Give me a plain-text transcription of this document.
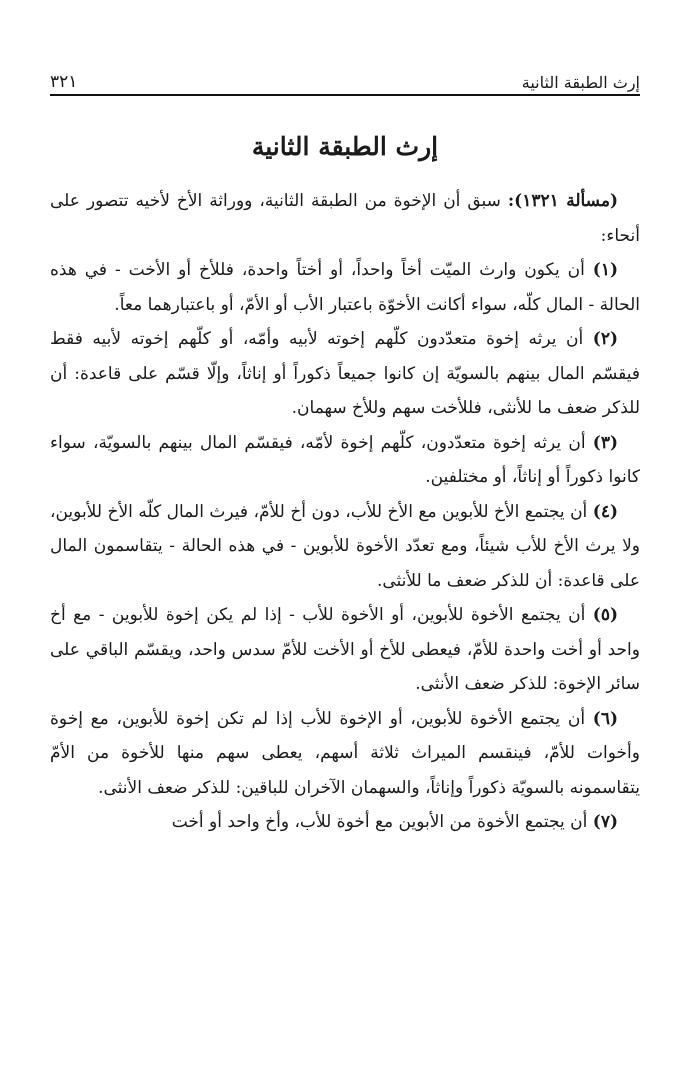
إرث الطبقة الثانية
٣٢١
إرث الطبقة الثانية

(مسألة ١٣٢١): سبق أن الإخوة من الطبقة الثانية، ووراثة الأخ لأخيه تتصور على أنحاء:

(١) أن يكون وارث الميّت أخاً واحداً، أو أختاً واحدة، فللأخ أو الأخت - في هذه الحالة - المال كلّه، سواء أكانت الأخوّة باعتبار الأب أو الأمّ، أو باعتبارهما معاً.

(٢) أن يرثه إخوة متعدّدون كلّهم إخوته لأبيه وأمّه، أو كلّهم إخوته لأبيه فقط فيقسّم المال بينهم بالسويّة إن كانوا جميعاً ذكوراً أو إناثاً، وإلّا قسّم على قاعدة: أن للذكر ضعف ما للأنثى، فللأخت سهم وللأخ سهمان.

(٣) أن يرثه إخوة متعدّدون، كلّهم إخوة لأمّه، فيقسّم المال بينهم بالسويّة، سواء كانوا ذكوراً أو إناثاً، أو مختلفين.

(٤) أن يجتمع الأخ للأبوين مع الأخ للأب، دون أخ للأمّ، فيرث المال كلّه الأخ للأبوين، ولا يرث الأخ للأب شيئاً، ومع تعدّد الأخوة للأبوين - في هذه الحالة - يتقاسمون المال على قاعدة: أن للذكر ضعف ما للأنثى.

(٥) أن يجتمع الأخوة للأبوين، أو الأخوة للأب - إذا لم يكن إخوة للأبوين - مع أخ واحد أو أخت واحدة للأمّ، فيعطى للأخ أو الأخت للأمّ سدس واحد، ويقسّم الباقي على سائر الإخوة: للذكر ضعف الأنثى.

(٦) أن يجتمع الأخوة للأبوين، أو الإخوة للأب إذا لم تكن إخوة للأبوين، مع إخوة وأخوات للأمّ، فينقسم الميراث ثلاثة أسهم، يعطى سهم منها للأخوة من الأمّ يتقاسمونه بالسويّة ذكوراً وإناثاً، والسهمان الآخران للباقين: للذكر ضعف الأنثى.

(٧) أن يجتمع الأخوة من الأبوين مع أخوة للأب، وأخ واحد أو أخت
